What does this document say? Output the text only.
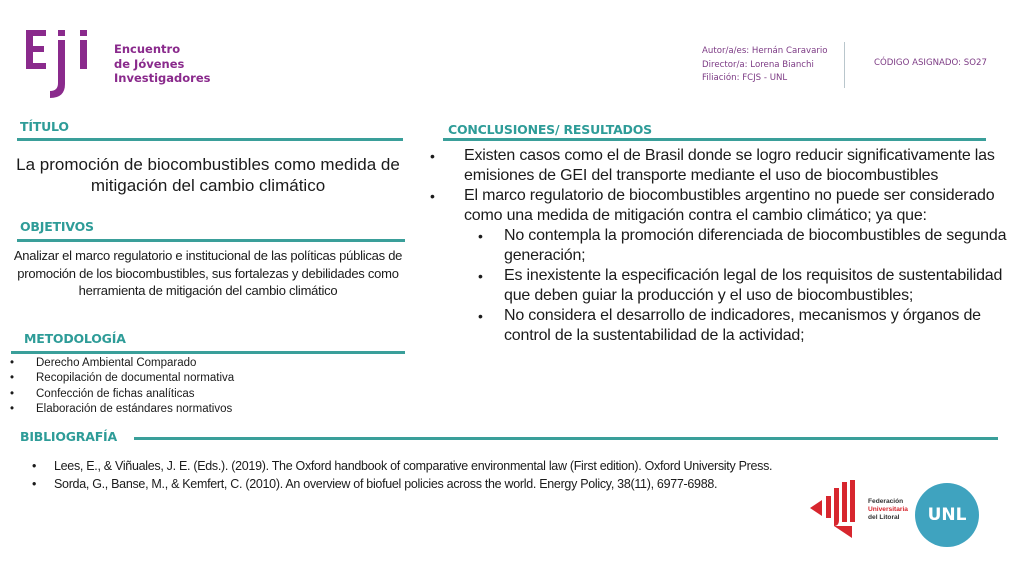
Encuentro
de Jóvenes
Investigadores
Autor/a/es: Hernán Caravario
Director/a: Lorena Bianchi
Filiación: FCJS - UNL
CÓDIGO ASIGNADO: SO27
TÍTULO
La promoción de biocombustibles como medida de mitigación del cambio climático
OBJETIVOS
Analizar el marco regulatorio e institucional de las políticas públicas de promoción de los biocombustibles, sus fortalezas y debilidades como herramienta de mitigación del cambio climático
METODOLOGÍA
• Derecho Ambiental Comparado
• Recopilación de documental normativa
• Confección de fichas analíticas
• Elaboración de estándares normativos
CONCLUSIONES/ RESULTADOS
• Existen casos como el de Brasil donde se logro reducir significativamente las emisiones de GEI del transporte mediante el uso de biocombustibles
• El marco regulatorio de biocombustibles argentino no puede ser considerado como una medida de mitigación contra el cambio climático; ya que:
• No contempla la promoción diferenciada de biocombustibles de segunda generación;
• Es inexistente la especificación legal de los requisitos de sustentabilidad que deben guiar la producción y el uso de biocombustibles;
• No considera el desarrollo de indicadores, mecanismos y órganos de control de la sustentabilidad de la actividad;
BIBLIOGRAFÍA
• Lees, E., & Viñuales, J. E. (Eds.). (2019). The Oxford handbook of comparative environmental law (First edition). Oxford University Press.
• Sorda, G., Banse, M., & Kemfert, C. (2010). An overview of biofuel policies across the world. Energy Policy, 38(11), 6977-6988.
Federación
Universitaria
del Litoral	UNL
